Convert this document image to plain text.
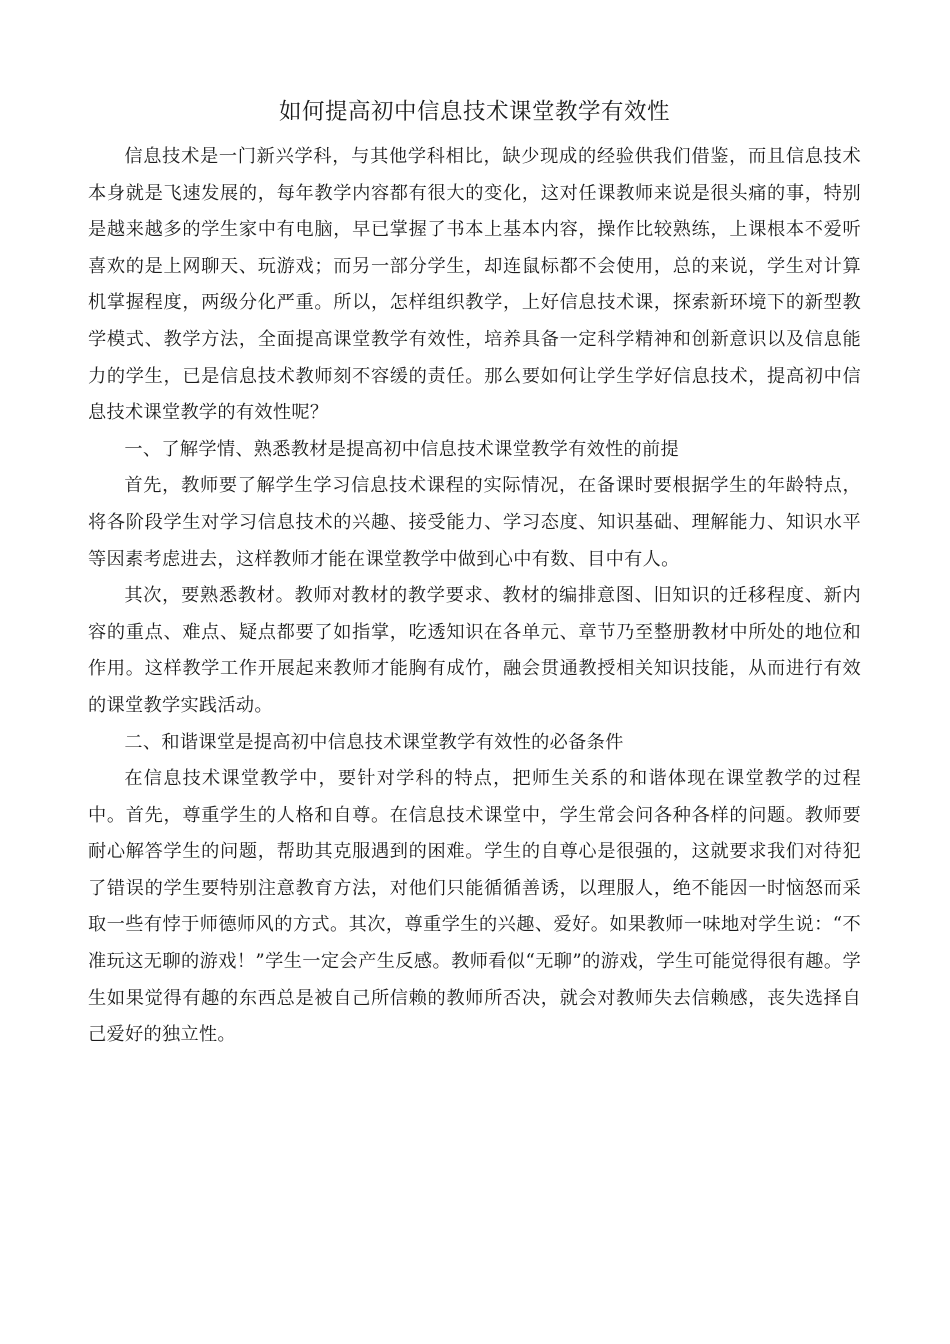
如何提高初中信息技术课堂教学有效性

信息技术是一门新兴学科，与其他学科相比，缺少现成的经验供我们借鉴，而且信息技术本身就是飞速发展的，每年教学内容都有很大的变化，这对任课教师来说是很头痛的事，特别是越来越多的学生家中有电脑，早已掌握了书本上基本内容，操作比较熟练，上课根本不爱听喜欢的是上网聊天、玩游戏；而另一部分学生，却连鼠标都不会使用，总的来说，学生对计算机掌握程度，两级分化严重。所以，怎样组织教学，上好信息技术课，探索新环境下的新型教学模式、教学方法，全面提高课堂教学有效性，培养具备一定科学精神和创新意识以及信息能力的学生，已是信息技术教师刻不容缓的责任。那么要如何让学生学好信息技术，提高初中信息技术课堂教学的有效性呢？

一、了解学情、熟悉教材是提高初中信息技术课堂教学有效性的前提

首先，教师要了解学生学习信息技术课程的实际情况，在备课时要根据学生的年龄特点，将各阶段学生对学习信息技术的兴趣、接受能力、学习态度、知识基础、理解能力、知识水平等因素考虑进去，这样教师才能在课堂教学中做到心中有数、目中有人。

其次，要熟悉教材。教师对教材的教学要求、教材的编排意图、旧知识的迁移程度、新内容的重点、难点、疑点都要了如指掌，吃透知识在各单元、章节乃至整册教材中所处的地位和作用。这样教学工作开展起来教师才能胸有成竹，融会贯通教授相关知识技能，从而进行有效的课堂教学实践活动。

二、和谐课堂是提高初中信息技术课堂教学有效性的必备条件

在信息技术课堂教学中，要针对学科的特点，把师生关系的和谐体现在课堂教学的过程中。首先，尊重学生的人格和自尊。在信息技术课堂中，学生常会问各种各样的问题。教师要耐心解答学生的问题，帮助其克服遇到的困难。学生的自尊心是很强的，这就要求我们对待犯了错误的学生要特别注意教育方法，对他们只能循循善诱，以理服人，绝不能因一时恼怒而采取一些有悖于师德师风的方式。其次，尊重学生的兴趣、爱好。如果教师一味地对学生说：“不准玩这无聊的游戏！”学生一定会产生反感。教师看似“无聊”的游戏，学生可能觉得很有趣。学生如果觉得有趣的东西总是被自己所信赖的教师所否决，就会对教师失去信赖感，丧失选择自己爱好的独立性。
